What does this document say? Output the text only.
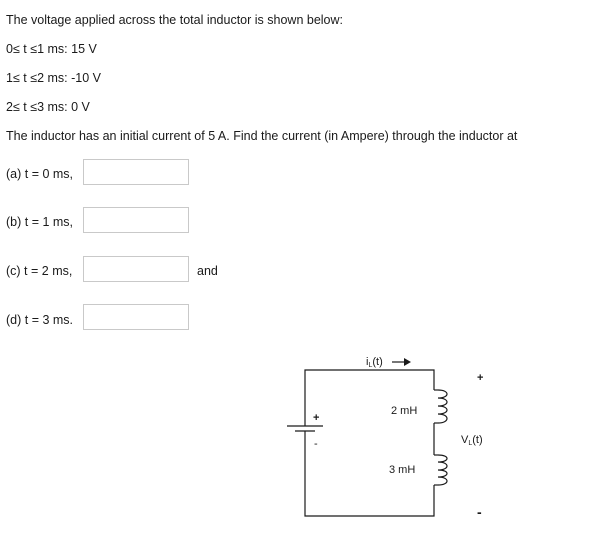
The voltage applied across the total inductor is shown below:
0≤ t ≤1 ms: 15 V
1≤ t ≤2 ms: -10 V
2≤ t ≤3 ms: 0 V
The inductor has an initial current of 5 A. Find the current (in Ampere) through the inductor at
(a) t = 0 ms,
(b) t = 1 ms,
(c) t = 2 ms,	and
(d) t = 3 ms.
+
-
2 mH
3 mH
iL(t)
+
VL(t)
-
